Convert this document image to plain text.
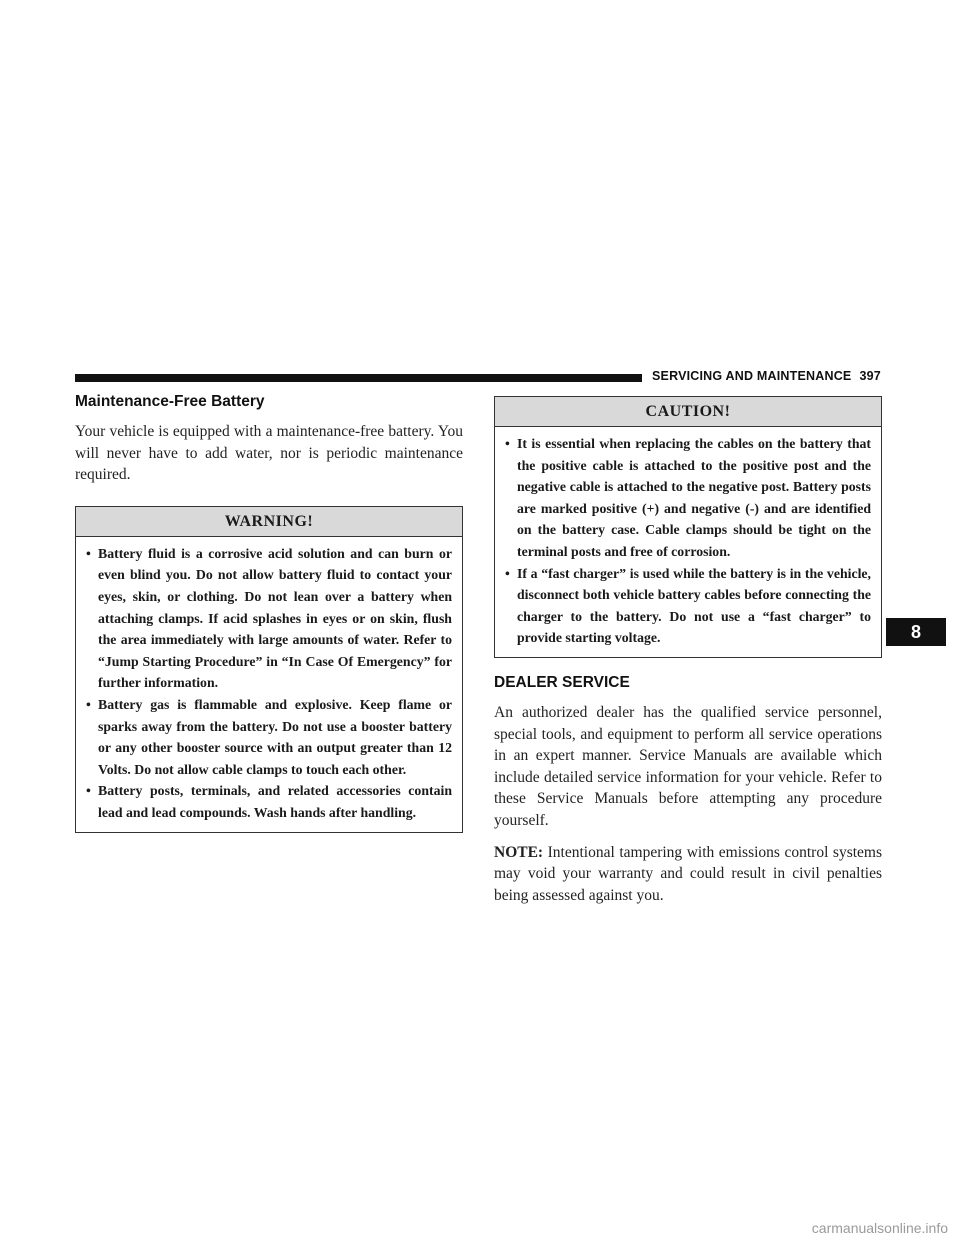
SERVICING AND MAINTENANCE 397
Maintenance-Free Battery

Your vehicle is equipped with a maintenance-free battery. You will never have to add water, nor is periodic maintenance required.

WARNING!
• Battery fluid is a corrosive acid solution and can burn or even blind you. Do not allow battery fluid to contact your eyes, skin, or clothing. Do not lean over a battery when attaching clamps. If acid splashes in eyes or on skin, flush the area immediately with large amounts of water. Refer to “Jump Starting Procedure” in “In Case Of Emergency” for further information.
• Battery gas is flammable and explosive. Keep flame or sparks away from the battery. Do not use a booster battery or any other booster source with an output greater than 12 Volts. Do not allow cable clamps to touch each other.
• Battery posts, terminals, and related accessories contain lead and lead compounds. Wash hands after handling.
CAUTION!
• It is essential when replacing the cables on the battery that the positive cable is attached to the positive post and the negative cable is attached to the negative post. Battery posts are marked positive (+) and negative (-) and are identified on the battery case. Cable clamps should be tight on the terminal posts and free of corrosion.
• If a “fast charger” is used while the battery is in the vehicle, disconnect both vehicle battery cables before connecting the charger to the battery. Do not use a “fast charger” to provide starting voltage.
DEALER SERVICE

An authorized dealer has the qualified service personnel, special tools, and equipment to perform all service operations in an expert manner. Service Manuals are available which include detailed service information for your vehicle. Refer to these Service Manuals before attempting any procedure yourself.

NOTE: Intentional tampering with emissions control systems may void your warranty and could result in civil penalties being assessed against you.

8
carmanualsonline.info
